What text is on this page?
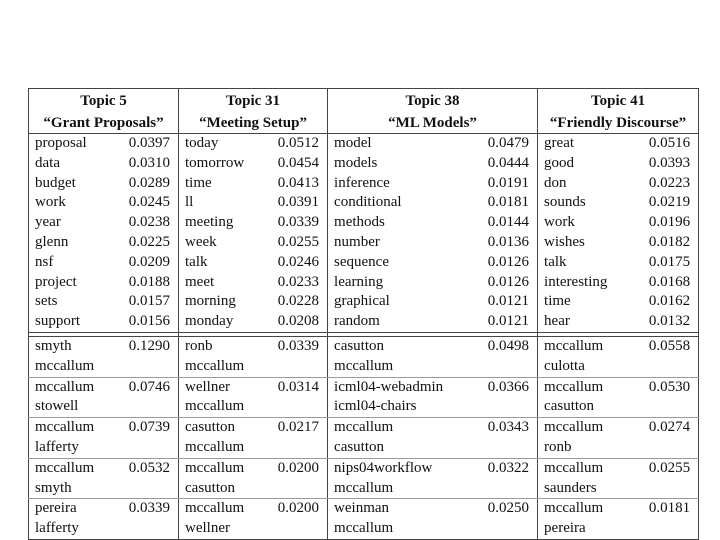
Topic 5		Topic 31		Topic 38		Topic 41	
“Grant Proposals”		“Meeting Setup”		“ML Models”		“Friendly Discourse”	
proposal	0.0397	today	0.0512	model	0.0479	great	0.0516
data	0.0310	tomorrow	0.0454	models	0.0444	good	0.0393
budget	0.0289	time	0.0413	inference	0.0191	don	0.0223
work	0.0245	ll	0.0391	conditional	0.0181	sounds	0.0219
year	0.0238	meeting	0.0339	methods	0.0144	work	0.0196
glenn	0.0225	week	0.0255	number	0.0136	wishes	0.0182
nsf	0.0209	talk	0.0246	sequence	0.0126	talk	0.0175
project	0.0188	meet	0.0233	learning	0.0126	interesting	0.0168
sets	0.0157	morning	0.0228	graphical	0.0121	time	0.0162
support	0.0156	monday	0.0208	random	0.0121	hear	0.0132

smyth	0.1290	ronb	0.0339	casutton	0.0498	mccallum	0.0558
mccallum		mccallum		mccallum		culotta	
mccallum	0.0746	wellner	0.0314	icml04-webadmin	0.0366	mccallum	0.0530
stowell		mccallum		icml04-chairs		casutton	
mccallum	0.0739	casutton	0.0217	mccallum	0.0343	mccallum	0.0274
lafferty		mccallum		casutton		ronb	
mccallum	0.0532	mccallum	0.0200	nips04workflow	0.0322	mccallum	0.0255
smyth		casutton		mccallum		saunders	
pereira	0.0339	mccallum	0.0200	weinman	0.0250	mccallum	0.0181
lafferty		wellner		mccallum		pereira	
